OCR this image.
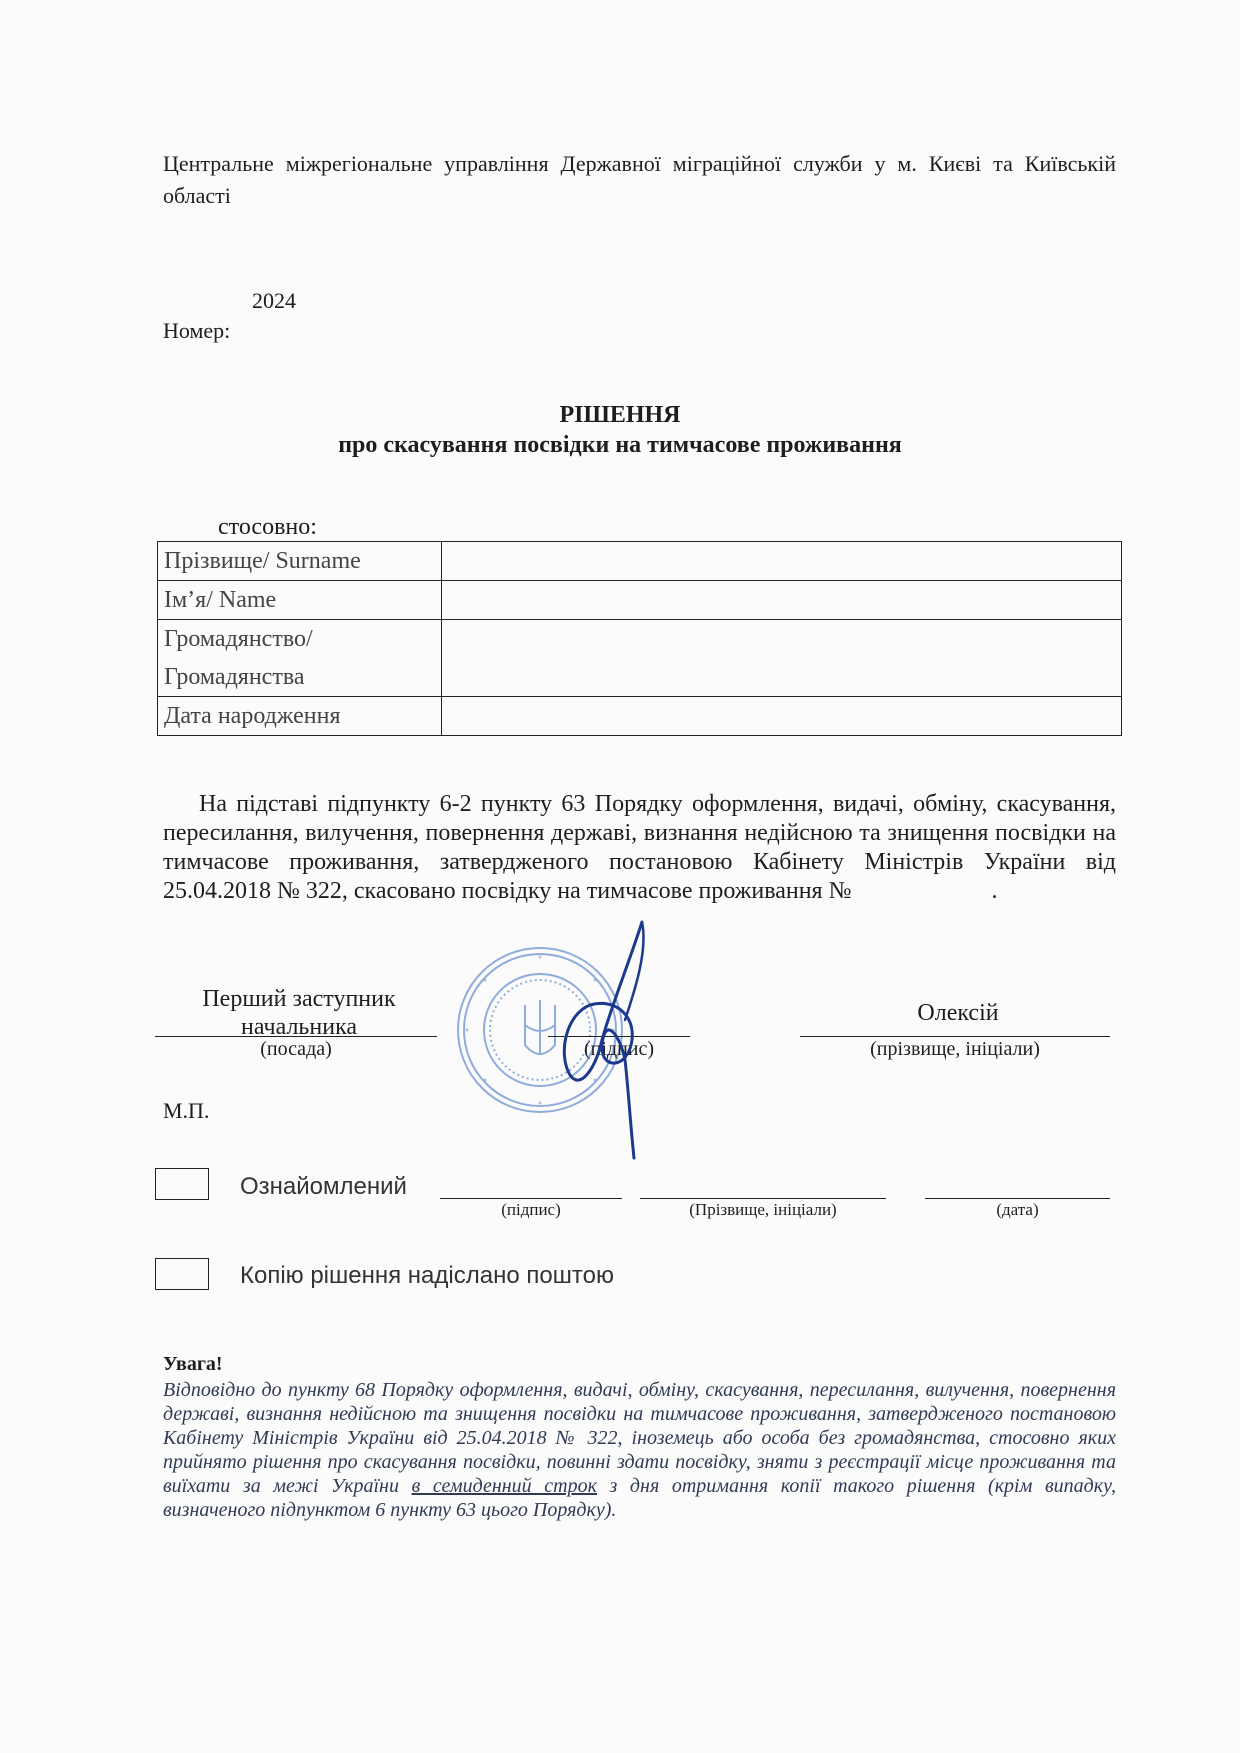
Центральне міжрегіональне управління Державної міграційної служби у м. Києві та Київській області
2024
Номер:
РІШЕННЯ
про скасування посвідки на тимчасове проживання
стосовно:
Прізвище/ Surname	
Ім’я/ Name	

Громадянство/
Громадянства	

Дата народження	
На підставі підпункту 6-2 пункту 63 Порядку оформлення, видачі, обміну, скасування, пересилання, вилучення, повернення державі, визнання недійсною та знищення посвідки на тимчасове проживання, затвердженого постановою Кабінету Міністрів України від 25.04.2018 № 322, скасовано посвідку на тимчасове проживання №	.
Перший заступник
начальника
(посада)	(підпис)
Олексій
(прізвище, ініціали)
М.П.
Ознайомлений
(підпис)	(Прізвище, ініціали)	(дата)
Копію рішення надіслано поштою
Увага!
Відповідно до пункту 68 Порядку оформлення, видачі, обміну, скасування, пересилання, вилучення, повернення державі, визнання недійсною та знищення посвідки на тимчасове проживання, затвердженого постановою Кабінету Міністрів України від 25.04.2018 № 322, іноземець або особа без громадянства, стосовно яких прийнято рішення про скасування посвідки, повинні здати посвідку, зняти з реєстрації місце проживання та виїхати за межі України в семиденний строк з дня отримання копії такого рішення (крім випадку, визначеного підпунктом 6 пункту 63 цього Порядку).
